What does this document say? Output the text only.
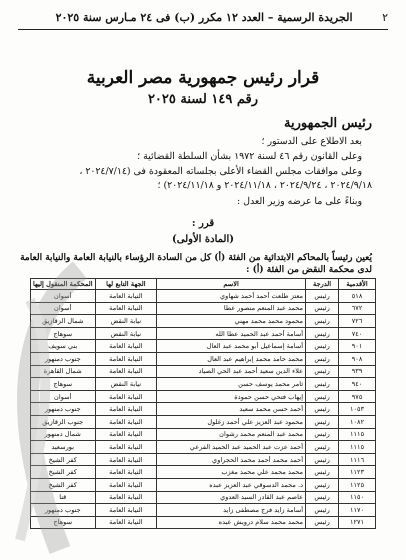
٢
الجريدة الرسمية – العدد ١٢ مكرر (ب) فى ٢٤ مـارس سنة ٢٠٢٥
قرار رئيس جمهورية مصر العربية
رقم ١٤٩ لسنة ٢٠٢٥
رئيس الجمهورية
بعد الاطلاع على الدستور ؛
وعلى القانون رقم ٤٦ لسنة ١٩٧٢ بشأن السلطة القضائية ؛
وعلى موافقات مجلس القضاء الأعلى بجلساته المعقودة فى (٢٠٢٤/٧/١٤ ،
٢٠٢٤/٩/١٨ ، ٢٠٢٤/٩/٢٤ ، ٢٠٢٤/١١/١٨ و ٢٠٢٤/١١/١٨) ؛
وبناءً على ما عرضه وزير العدل :
قرر :
(المادة الأولى)
يُعين رئيساً بالمحاكم الابتدائية من الفئة (أ) كل من السادة الرؤساء بالنيابة العامة والنيابة العامة
لدى محكمة النقض من الفئة (أ) :
الأقدمية	الدرجة	الاسم	الجهة التابع لها	المحكمة المنقول إليها
٥١٨	رئيس	معتز طلعت أحمد أحمد شهاوي	النيابة العامة	أسوان
٦٧٢	رئيس	محمد عبد المنعم منصور عطا	النيابة العامة	أسوان
٧٢٦	رئيس	محمود محمد محمد مهني	نيابة النقض	شمال الزقازيق
٧٤٠	رئيس	أسامة أحمد عبد الحميد عطا الله	نيابة النقض	سوهاج
٩٠١	رئيس	أسامة إسماعيل أبو محمد عبد العال	النيابة العامة	بني سويف
٩٠٨	رئيس	محمد حامد محمد إبراهيم عبد العال	النيابة العامة	جنوب دمنهور
٩٣٩	رئيس	علاء الدين سعيد أحمد عبد الحي الصياد	النيابة العامة	شمال القاهرة
٩٤٠	رئيس	ثامر محمد يوسف حسن	نيابة النقض	سوهاج
٩٧٥	رئيس	إيهاب فتحي حسن حمودة	النيابة العامة	أسوان
١٠٥٣	رئيس	أحمد حسن محمد سعيد	النيابة العامة	جنوب دمنهور
١٠٨٢	رئيس	محمود عبد العزيز علي أحمد زغلول	النيابة العامة	جنوب الزقازيق
١١١٥	رئيس	محمد عبد المنعم محمد رشوان	النيابة العامة	شمال دمنهور
١١١٥	رئيس	أحمد عزت عبد الحميد عبد الحميد الفرعي	النيابة العامة	بورسعيد
١١١٦	رئيس	أحمد محمد أحمد محمد الحجراوي	النيابة العامة	كفر الشيخ
١١٢٣	رئيس	محمد محمد علي محمد مغزب	النيابة العامة	كفر الشيخ
١١٢٥	رئيس	د. محمد الدسوقي عبد العزيز عبده	النيابة العامة	كفر الشيخ
١١٥٠	رئيس	عاصم عبد القادر السيد العدوي	النيابة العامة	قنا
١١٧٠	رئيس	أسامة زايد فرج مصطفى زايد	النيابة العامة	جنوب دمنهور
١٢٧١	رئيس	محمد محمد سلام درويش عبده	النيابة العامة	سوهاج
